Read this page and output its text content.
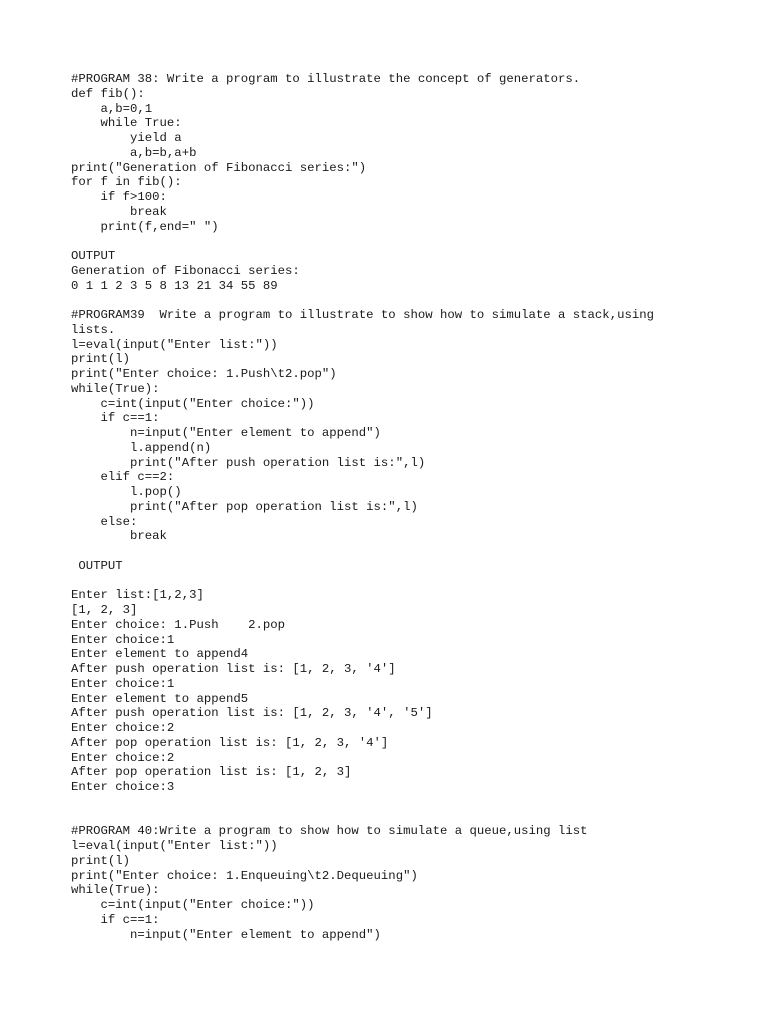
#PROGRAM 38: Write a program to illustrate the concept of generators.
def fib():
a,b=0,1
while True:
yield a
a,b=b,a+b
print("Generation of Fibonacci series:")
for f in fib():
if f>100:
break
print(f,end=" ")
OUTPUT
Generation of Fibonacci series:
0 1 1 2 3 5 8 13 21 34 55 89
#PROGRAM39  Write a program to illustrate to show how to simulate a stack,using
lists.
l=eval(input("Enter list:"))
print(l)
print("Enter choice: 1.Push\t2.pop")
while(True):
c=int(input("Enter choice:"))
if c==1:
n=input("Enter element to append")
l.append(n)
print("After push operation list is:",l)
elif c==2:
l.pop()
print("After pop operation list is:",l)
else:
break
OUTPUT
Enter list:[1,2,3]
[1, 2, 3]
Enter choice: 1.Push    2.pop
Enter choice:1
Enter element to append4
After push operation list is: [1, 2, 3, '4']
Enter choice:1
Enter element to append5
After push operation list is: [1, 2, 3, '4', '5']
Enter choice:2
After pop operation list is: [1, 2, 3, '4']
Enter choice:2
After pop operation list is: [1, 2, 3]
Enter choice:3
#PROGRAM 40:Write a program to show how to simulate a queue,using list
l=eval(input("Enter list:"))
print(l)
print("Enter choice: 1.Enqueuing\t2.Dequeuing")
while(True):
c=int(input("Enter choice:"))
if c==1:
n=input("Enter element to append")
